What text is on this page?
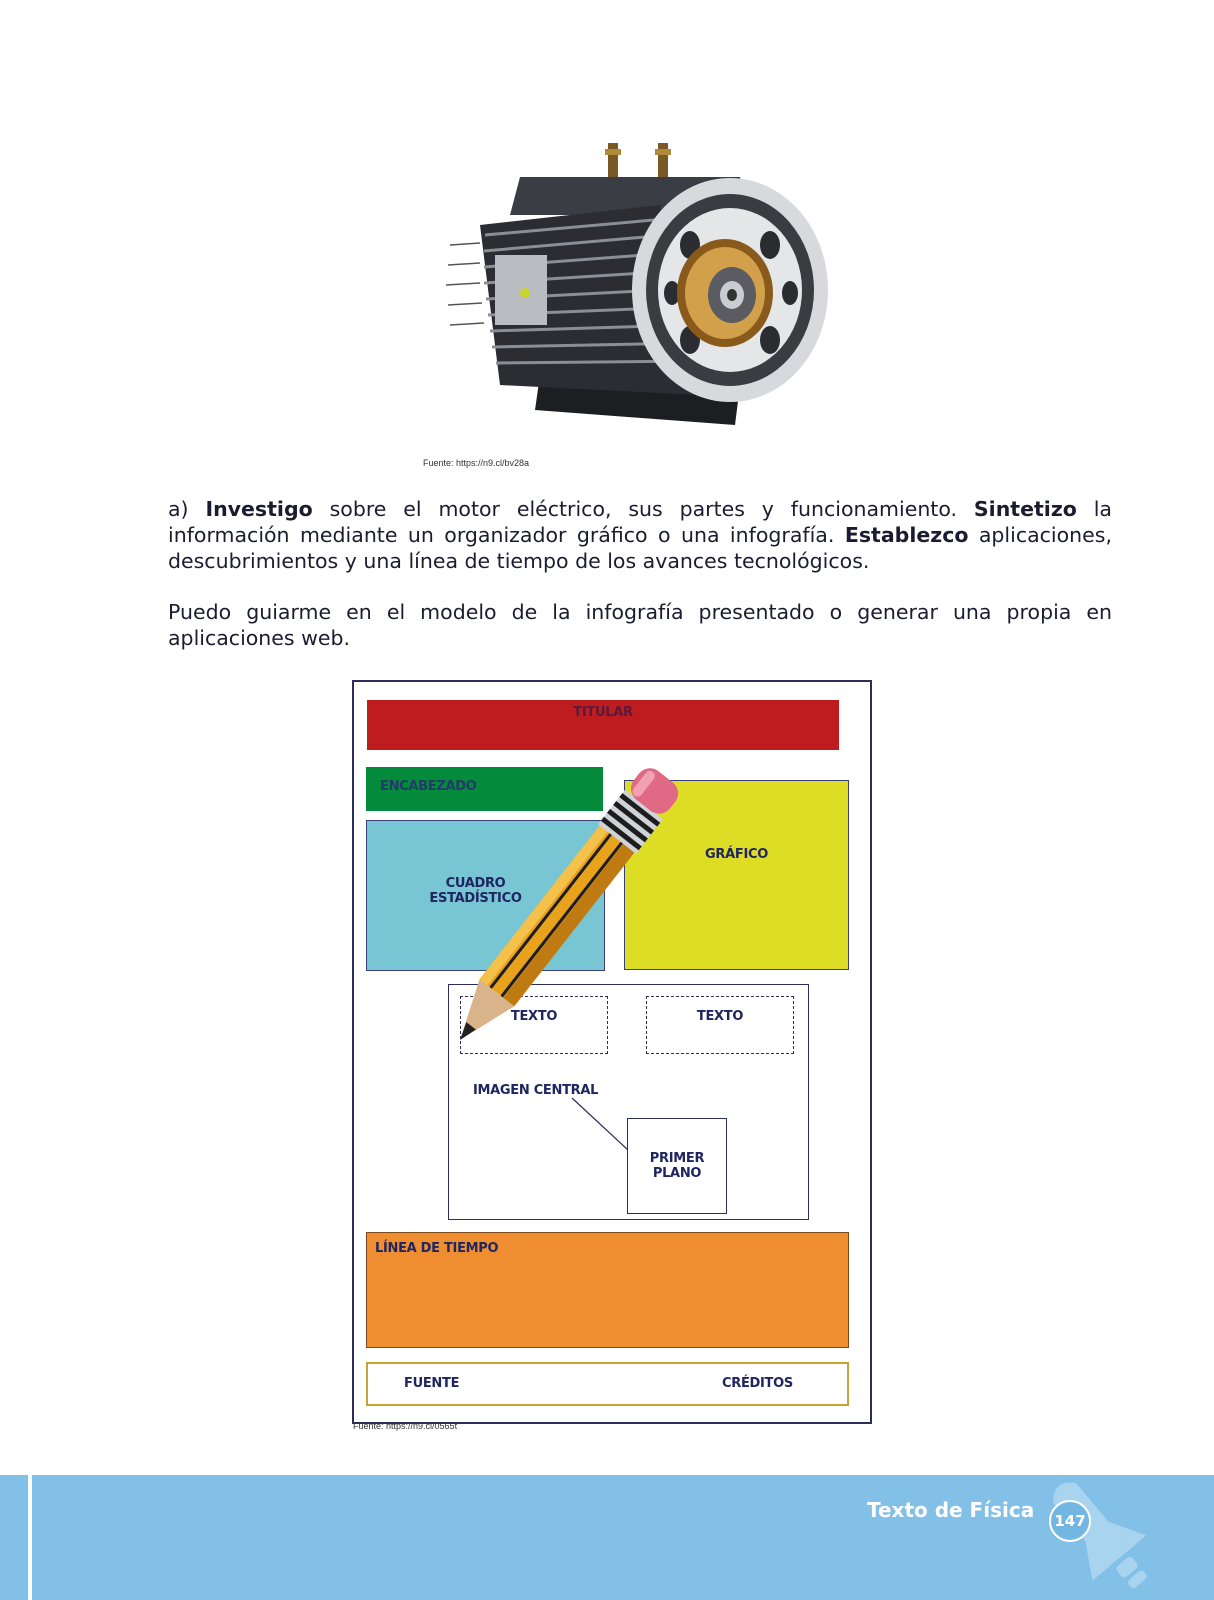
Fuente: https://n9.cl/bv28a

a) Investigo sobre el motor eléctrico, sus partes y funcionamiento. Sintetizo la información mediante un organizador gráfico o una infografía. Establezco aplicaciones, descubrimientos y una línea de tiempo de los avances tecnológicos.

Puedo guiarme en el modelo de la infografía presentado o generar una propia en aplicaciones web.

TITULAR
ENCABEZADO
CUADRO
ESTADÍSTICO
GRÁFICO
TEXTO	TEXTO
IMAGEN CENTRAL
PRIMER
PLANO
LÍNEA DE TIEMPO
FUENTE	CRÉDITOS
Fuente: https://n9.cl/0565t
Texto de Física 147
